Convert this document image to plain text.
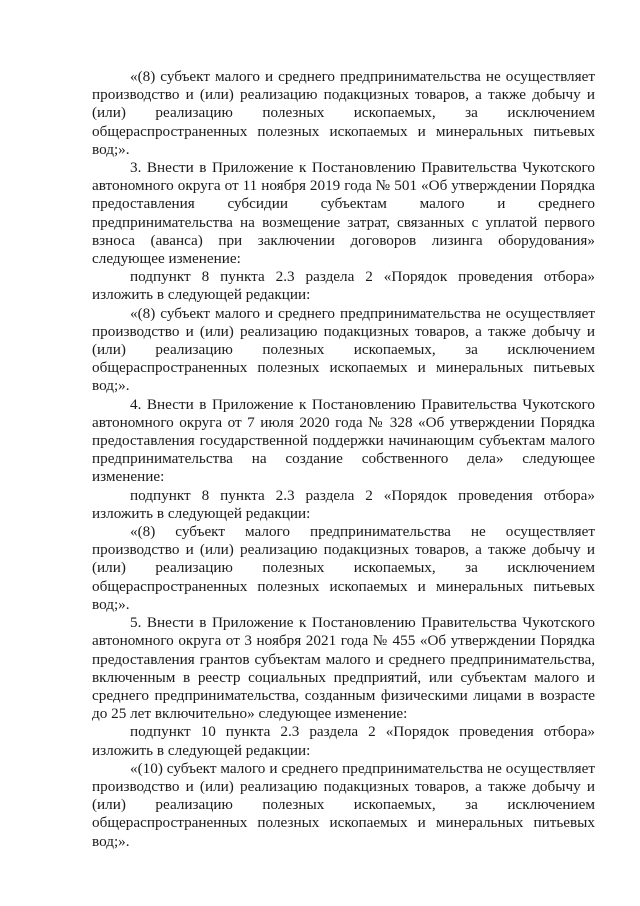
«(8) субъект малого и среднего предпринимательства не осуществляет производство и (или) реализацию подакцизных товаров, а также добычу и (или) реализацию полезных ископаемых, за исключением общераспространенных полезных ископаемых и минеральных питьевых вод;».

3. Внести в Приложение к Постановлению Правительства Чукотского автономного округа от 11 ноября 2019 года № 501 «Об утверждении Порядка предоставления субсидии субъектам малого и среднего предпринимательства на возмещение затрат, связанных с уплатой первого взноса (аванса) при заключении договоров лизинга оборудования» следующее изменение:

подпункт 8 пункта 2.3 раздела 2 «Порядок проведения отбора» изложить в следующей редакции:

«(8) субъект малого и среднего предпринимательства не осуществляет производство и (или) реализацию подакцизных товаров, а также добычу и (или) реализацию полезных ископаемых, за исключением общераспространенных полезных ископаемых и минеральных питьевых вод;».

4. Внести в Приложение к Постановлению Правительства Чукотского автономного округа от 7 июля 2020 года № 328 «Об утверждении Порядка предоставления государственной поддержки начинающим субъектам малого предпринимательства на создание собственного дела» следующее изменение:

подпункт 8 пункта 2.3 раздела 2 «Порядок проведения отбора» изложить в следующей редакции:

«(8) субъект малого предпринимательства не осуществляет производство и (или) реализацию подакцизных товаров, а также добычу и (или) реализацию полезных ископаемых, за исключением общераспространенных полезных ископаемых и минеральных питьевых вод;».

5. Внести в Приложение к Постановлению Правительства Чукотского автономного округа от 3 ноября 2021 года № 455 «Об утверждении Порядка предоставления грантов субъектам малого и среднего предпринимательства, включенным в реестр социальных предприятий, или субъектам малого и среднего предпринимательства, созданным физическими лицами в возрасте до 25 лет включительно» следующее изменение:

подпункт 10 пункта 2.3 раздела 2 «Порядок проведения отбора» изложить в следующей редакции:

«(10) субъект малого и среднего предпринимательства не осуществляет производство и (или) реализацию подакцизных товаров, а также добычу и (или) реализацию полезных ископаемых, за исключением общераспространенных полезных ископаемых и минеральных питьевых вод;».
